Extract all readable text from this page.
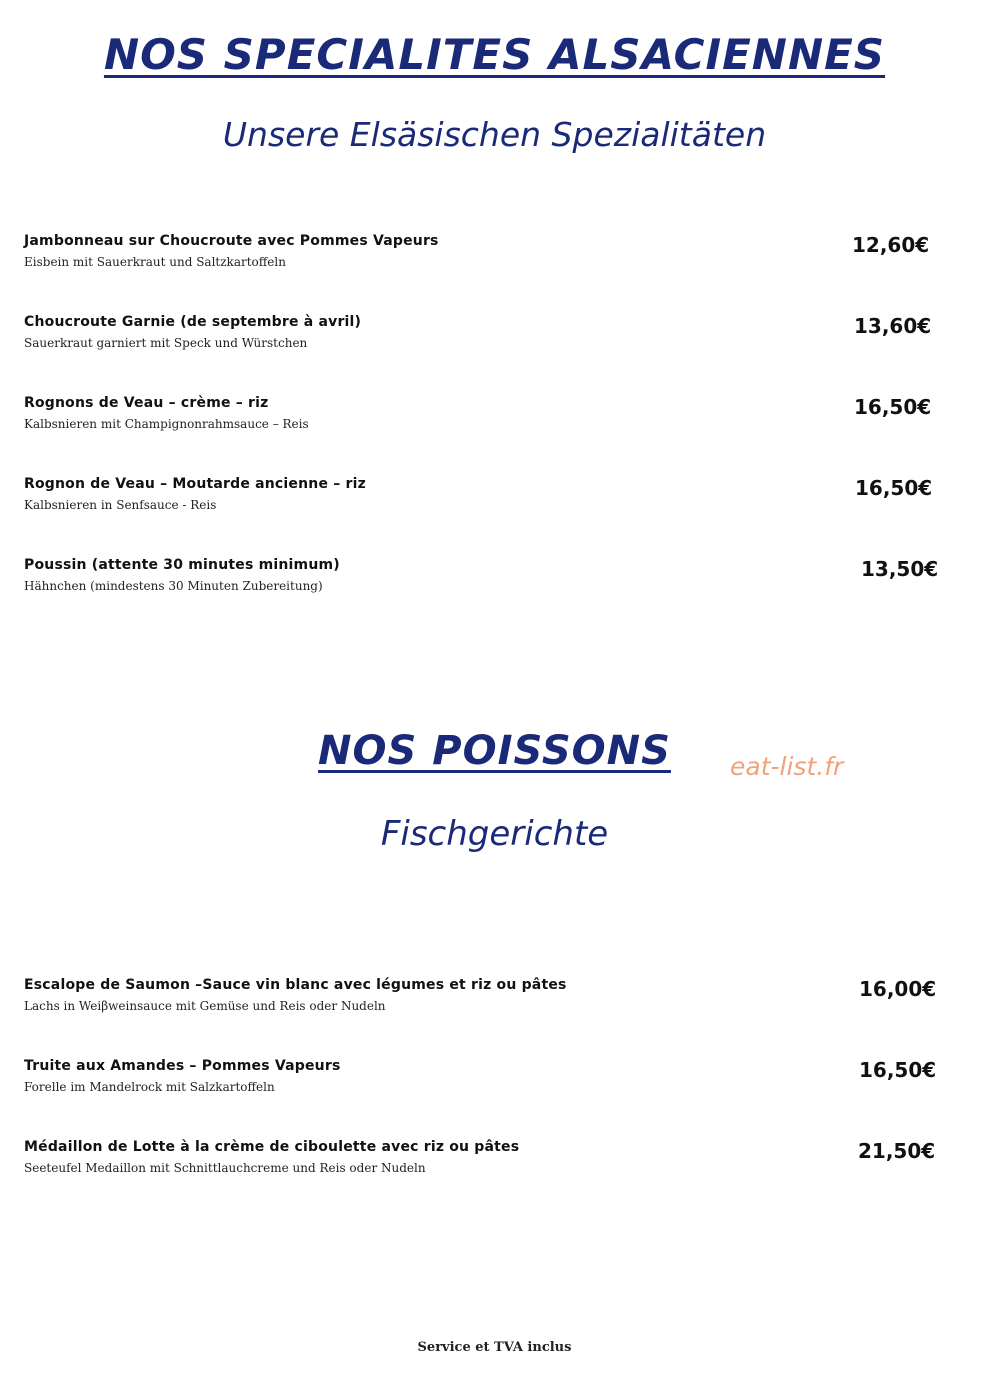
NOS SPECIALITES ALSACIENNES
Unsere Elsäsischen Spezialitäten
Jambonneau sur Choucroute avec Pommes Vapeurs
Eisbein mit Sauerkraut und Saltzkartoffeln
12,60€
Choucroute Garnie (de septembre à avril)
Sauerkraut garniert mit Speck und Würstchen
13,60€
Rognons de Veau – crème – riz
Kalbsnieren mit Champignonrahmsauce – Reis
16,50€
Rognon de Veau – Moutarde ancienne – riz
Kalbsnieren in Senfsauce - Reis
16,50€
Poussin (attente 30 minutes minimum)
Hähnchen (mindestens 30 Minuten Zubereitung)
13,50€
NOS POISSONS	eat-list.fr
Fischgerichte
Escalope de Saumon –Sauce vin blanc avec légumes et riz ou pâtes
Lachs in Weiβweinsauce mit Gemüse und Reis oder Nudeln
16,00€
Truite aux Amandes – Pommes Vapeurs
Forelle im Mandelrock mit Salzkartoffeln
16,50€
Médaillon de Lotte à la crème de ciboulette avec riz ou pâtes
Seeteufel Medaillon mit Schnittlauchcreme und Reis oder Nudeln
21,50€
Service et TVA inclus
